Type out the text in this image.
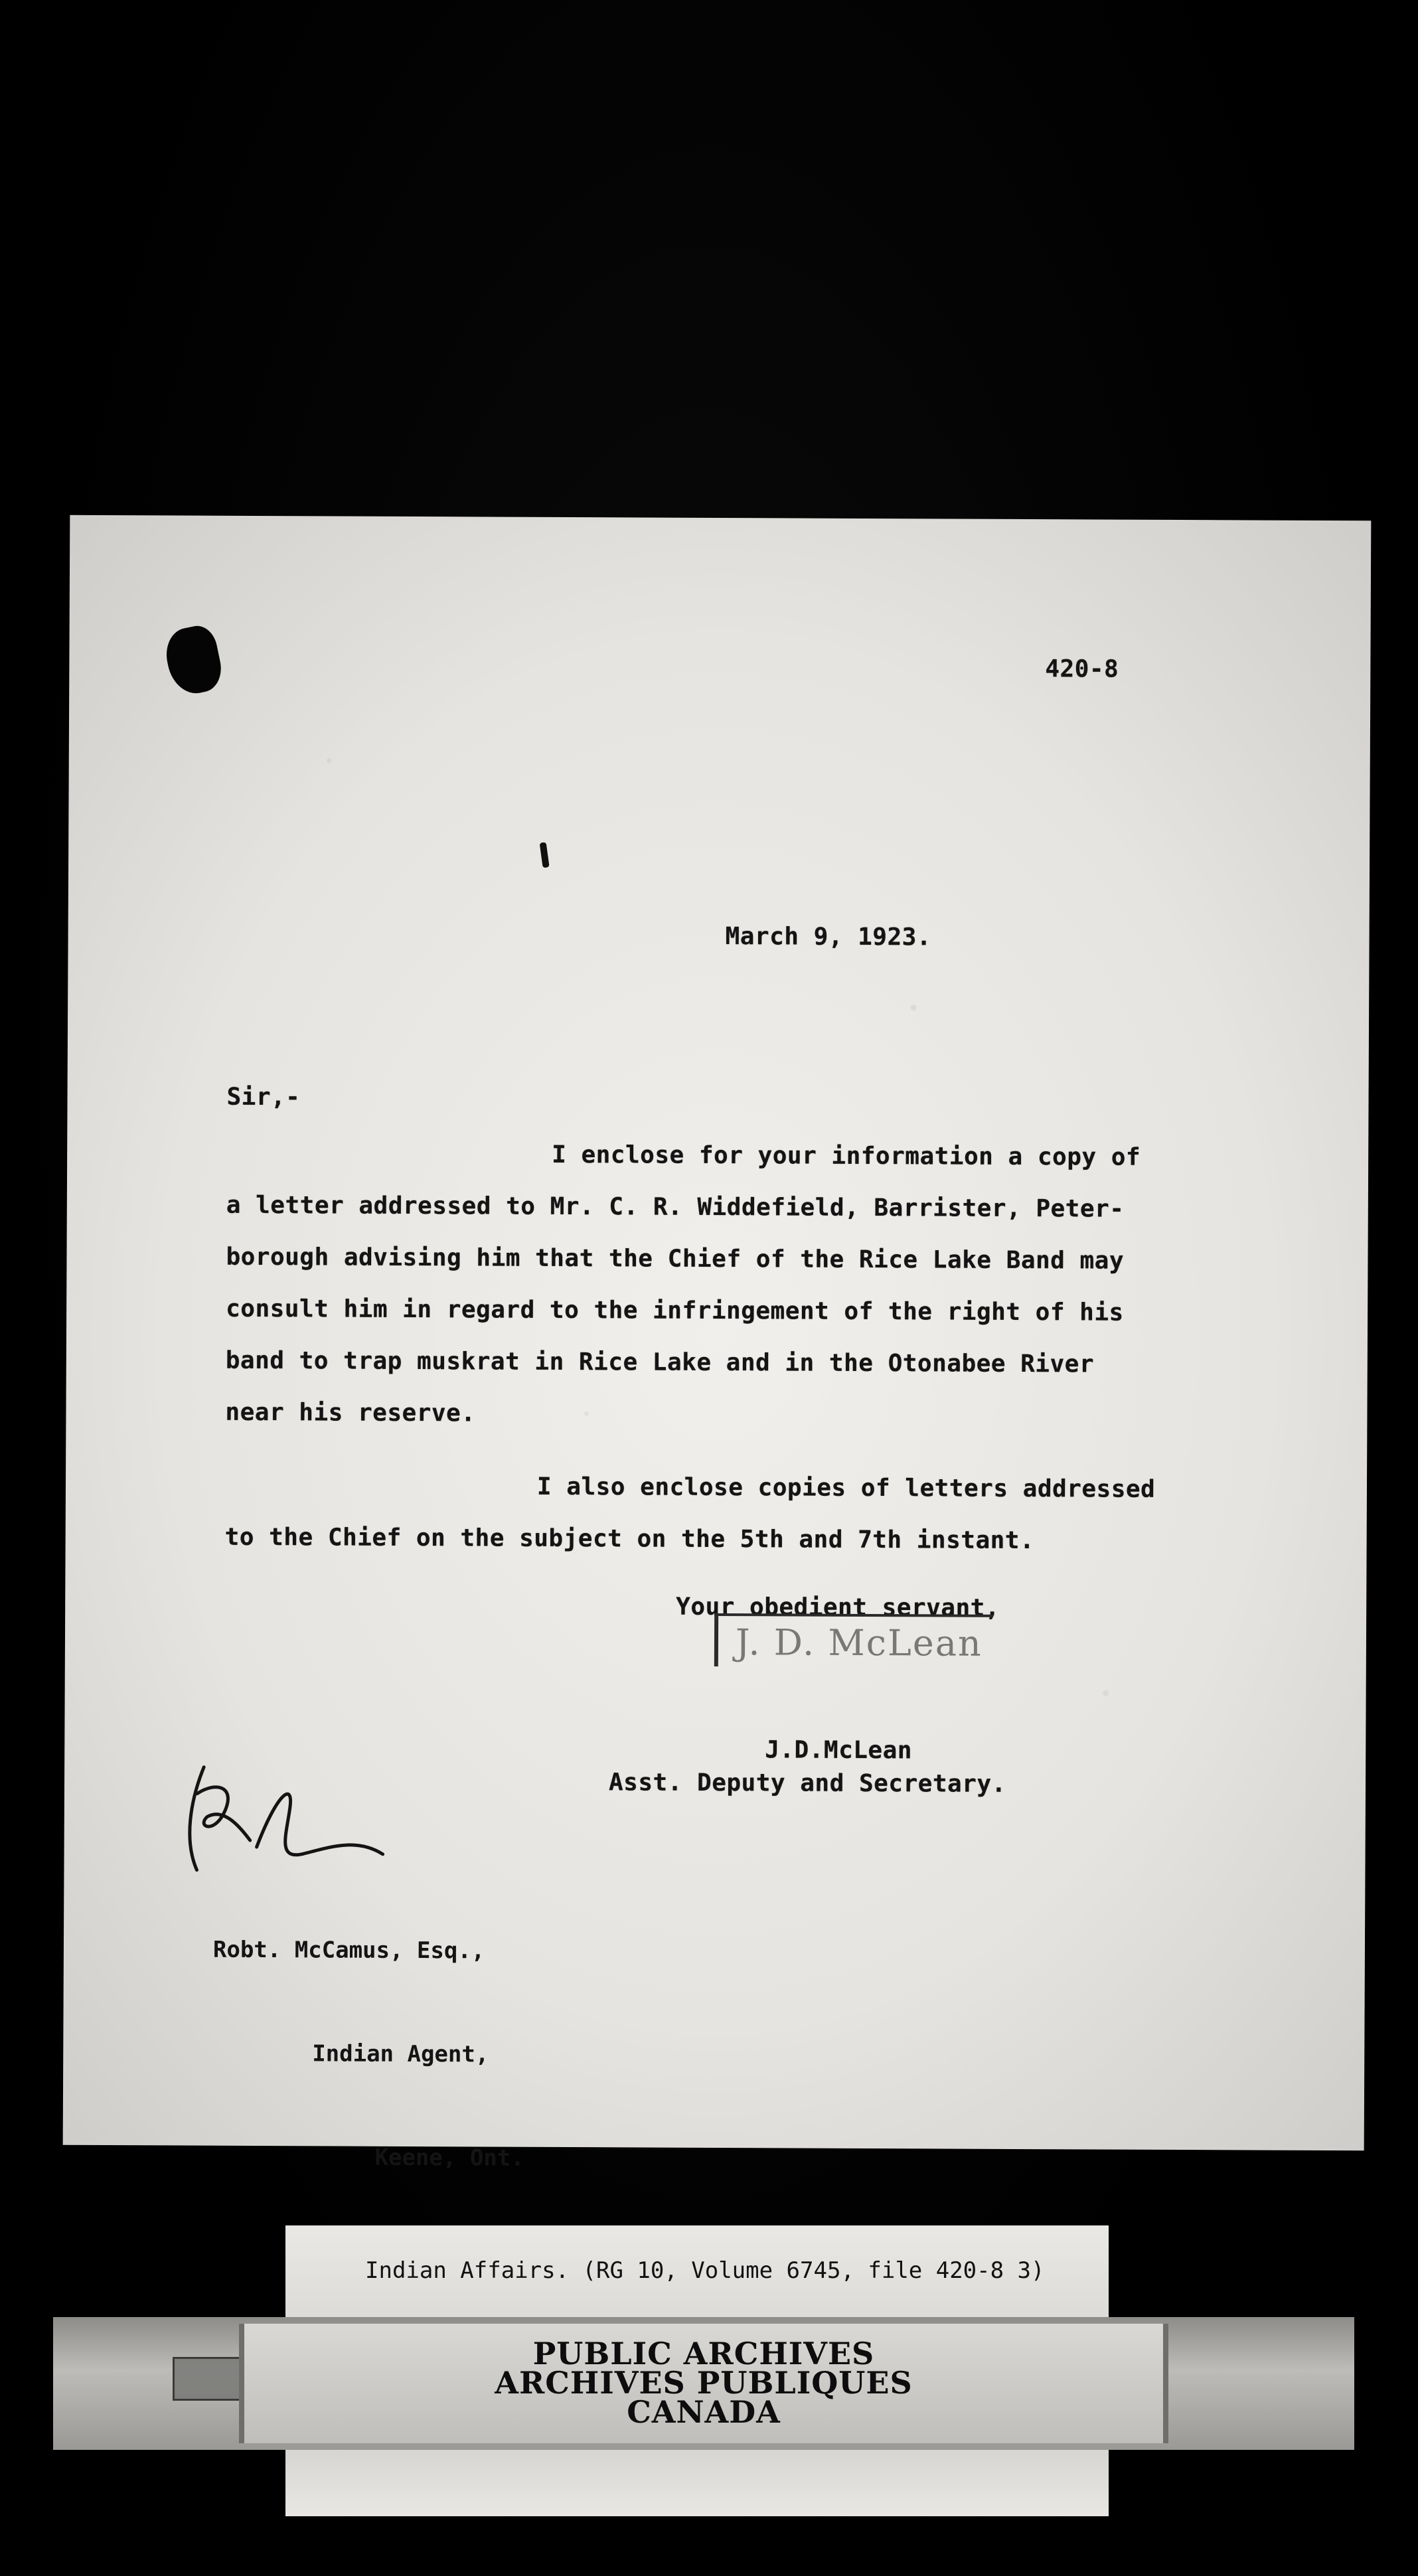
420-8
March 9, 1923.
Sir,-
I enclose for your information a copy of
a letter addressed to Mr. C. R. Widdefield, Barrister, Peter-
borough advising him that the Chief of the Rice Lake Band may
consult him in regard to the infringement of the right of his
band to trap muskrat in Rice Lake and in the Otonabee River
near his reserve.
I also enclose copies of letters addressed
to the Chief on the subject on the 5th and 7th instant.
Your obedient servant,
J. D. McLean
J.D.McLean
Asst. Deputy and Secretary.

Robt. McCamus, Esq.,

Indian Agent,

Keene, Ont.

Indian Affairs. (RG 10, Volume 6745, file 420-8 3)
PUBLIC ARCHIVES
ARCHIVES PUBLIQUES
CANADA
